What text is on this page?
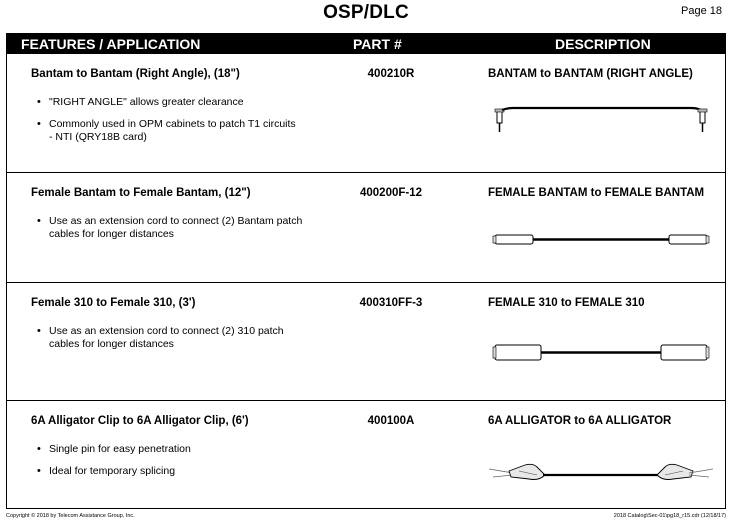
OSP/DLC	Page 18
FEATURES / APPLICATION	PART #	DESCRIPTION
Bantam to Bantam (Right Angle), (18")	400210R	BANTAM to BANTAM (RIGHT ANGLE)
• "RIGHT ANGLE" allows greater clearance
• Commonly used in OPM cabinets to patch T1 circuits - NTI (QRY18B card)
Female Bantam to Female Bantam, (12")	400200F-12	FEMALE BANTAM to FEMALE BANTAM
• Use as an extension cord to connect (2) Bantam patch cables for longer distances
Female 310 to Female 310, (3')	400310FF-3	FEMALE 310 to FEMALE 310
• Use as an extension cord to connect (2) 310 patch cables for longer distances
6A Alligator Clip to 6A Alligator Clip, (6')	400100A	6A ALLIGATOR to 6A ALLIGATOR
• Single pin for easy penetration
• Ideal for temporary splicing
Copyright © 2018 by Telecom Assistance Group, Inc.	2018 Catalog\Sec-01\pg18_r15.cdr (12/18/17)
